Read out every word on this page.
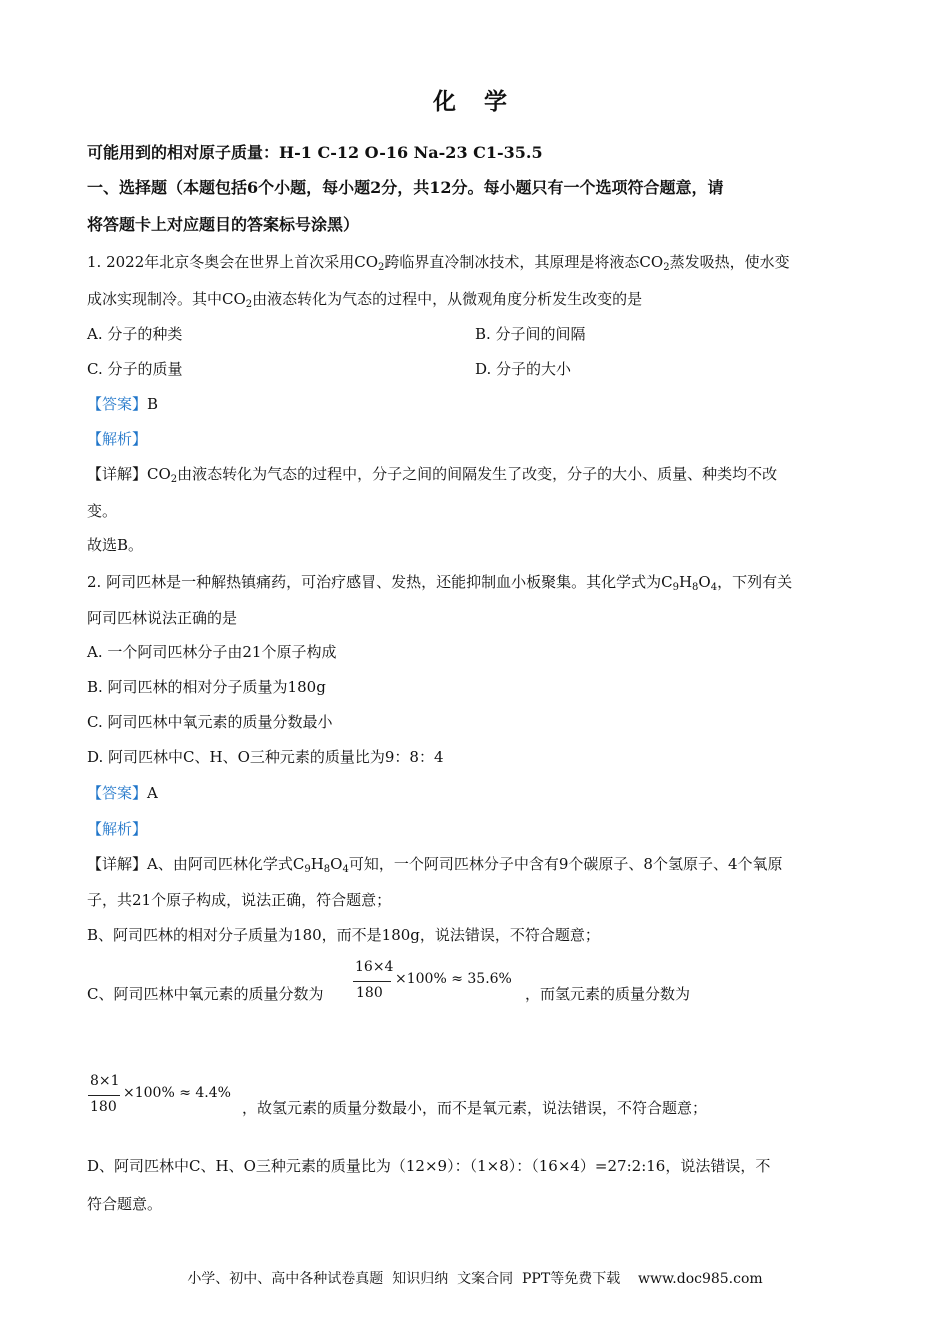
化 学
可能用到的相对原子质量：H-1 C-12 O-16 Na-23 C1-35.5
一、选择题（本题包括6个小题，每小题2分，共12分。每小题只有一个选项符合题意，请
将答题卡上对应题目的答案标号涂黑）
1. 2022年北京冬奥会在世界上首次采用$CO_2$跨临界直冷制冰技术，其原理是将液态$CO_2$蒸发吸热，使水变
成冰实现制冷。其中$CO_2$由液态转化为气态的过程中，从微观角度分析发生改变的是
A. 分子的种类	B. 分子间的间隔
C. 分子的质量	D. 分子的大小
【答案】B
【解析】
【详解】$CO_2$由液态转化为气态的过程中，分子之间的间隔发生了改变，分子的大小、质量、种类均不改
变。
故选B。
2. 阿司匹林是一种解热镇痛药，可治疗感冒、发热，还能抑制血小板聚集。其化学式为$C_9H_8O_4$，下列有关
阿司匹林说法正确的是
A. 一个阿司匹林分子由21个原子构成
B. 阿司匹林的相对分子质量为180g
C. 阿司匹林中氧元素的质量分数最小
D. 阿司匹林中C、H、O三种元素的质量比为9：8：4
【答案】A
【解析】
【详解】A、由阿司匹林化学式$C_9H_8O_4$可知，一个阿司匹林分子中含有9个碳原子、8个氢原子、4个氧原
子，共21个原子构成，说法正确，符合题意；
B、阿司匹林的相对分子质量为180，而不是180g，说法错误，不符合题意；
C、阿司匹林中氧元素的质量分数为
16×4
180
×100% ≈ 35.6%
，而氢元素的质量分数为
8×1
180
×100% ≈ 4.4%
，故氢元素的质量分数最小，而不是氧元素，说法错误，不符合题意；
D、阿司匹林中C、H、O三种元素的质量比为（12×9）：（1×8）：（16×4）=27:2:16，说法错误，不
符合题意。
小学、初中、高中各种试卷真题  知识归纳  文案合同  PPT等免费下载    www.doc985.com
